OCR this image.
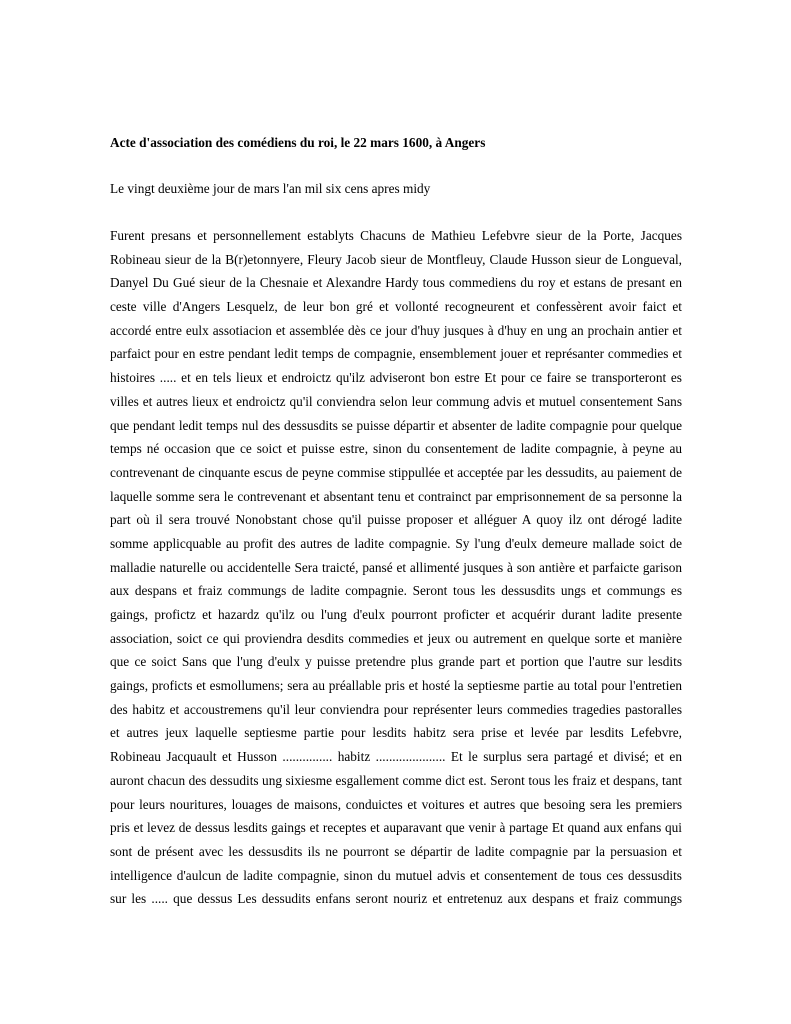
Acte d'association des comédiens du roi, le 22 mars 1600, à Angers
Le vingt deuxième jour de mars l'an mil six cens apres midy
Furent presans et personnellement establyts Chacuns de Mathieu Lefebvre sieur de la Porte, Jacques
Robineau sieur de la B(r)etonnyere, Fleury Jacob sieur de Montfleuy, Claude Husson sieur de Longueval,
Danyel Du Gué sieur de la Chesnaie et Alexandre Hardy tous commediens du roy et estans de presant en
ceste ville d'Angers Lesquelz, de leur bon gré et vollonté recogneurent et confessèrent avoir faict et
accordé entre eulx assotiacion et assemblée dès ce jour d'huy jusques à d'huy en ung an prochain antier et
parfaict pour en estre pendant ledit temps de compagnie, ensemblement jouer et représanter commedies et
histoires ..... et en tels lieux et endroictz qu'ilz adviseront bon estre Et pour ce faire se transporteront es
villes et autres lieux et endroictz qu'il conviendra selon leur commung advis et mutuel consentement Sans
que pendant ledit temps nul des dessusdits se puisse départir et absenter de ladite compagnie pour quelque
temps né occasion que ce soict et puisse estre, sinon du consentement de ladite compagnie, à peyne au
contrevenant de cinquante escus de peyne commise stippullée et acceptée par les dessudits, au paiement de
laquelle somme sera le contrevenant et absentant tenu et contrainct par emprisonnement de sa personne la
part où il sera trouvé Nonobstant chose qu'il puisse proposer et alléguer A quoy ilz ont dérogé ladite
somme applicquable au profit des autres de ladite compagnie. Sy l'ung d'eulx demeure mallade soict de
malladie naturelle ou accidentelle Sera traicté, pansé et allimenté jusques à son antière et parfaicte garison
aux despans et fraiz commungs de ladite compagnie. Seront tous les dessusdits ungs et commungs es
gaings, profictz et hazardz qu'ilz ou l'ung d'eulx pourront proficter et acquérir durant ladite presente
association, soict ce qui proviendra desdits commedies et jeux ou autrement en quelque sorte et manière
que ce soict Sans que l'ung d'eulx y puisse pretendre plus grande part et portion que l'autre sur lesdits
gaings, proficts et esmollumens; sera au préallable pris et hosté la septiesme partie au total pour l'entretien
des habitz et accoustremens qu'il leur conviendra pour représenter leurs commedies tragedies pastoralles
et autres jeux laquelle septiesme partie pour lesdits habitz sera prise et levée par lesdits Lefebvre,
Robineau Jacquault et Husson ............... habitz ..................... Et le surplus sera partagé et divisé; et en
auront chacun des dessudits ung sixiesme esgallement comme dict est. Seront tous les fraiz et despans, tant
pour leurs nouritures, louages de maisons, conduictes et voitures et autres que besoing sera les premiers
pris et levez de dessus lesdits gaings et receptes et auparavant que venir à partage Et quand aux enfans qui
sont de présent avec les dessusdits ils ne pourront se départir de ladite compagnie par la persuasion et
intelligence d'aulcun de ladite compagnie, sinon du mutuel advis et consentement de tous ces dessusdits
sur les ..... que dessus Les dessudits enfans seront nouriz et entretenuz aux despans et fraiz commungs
